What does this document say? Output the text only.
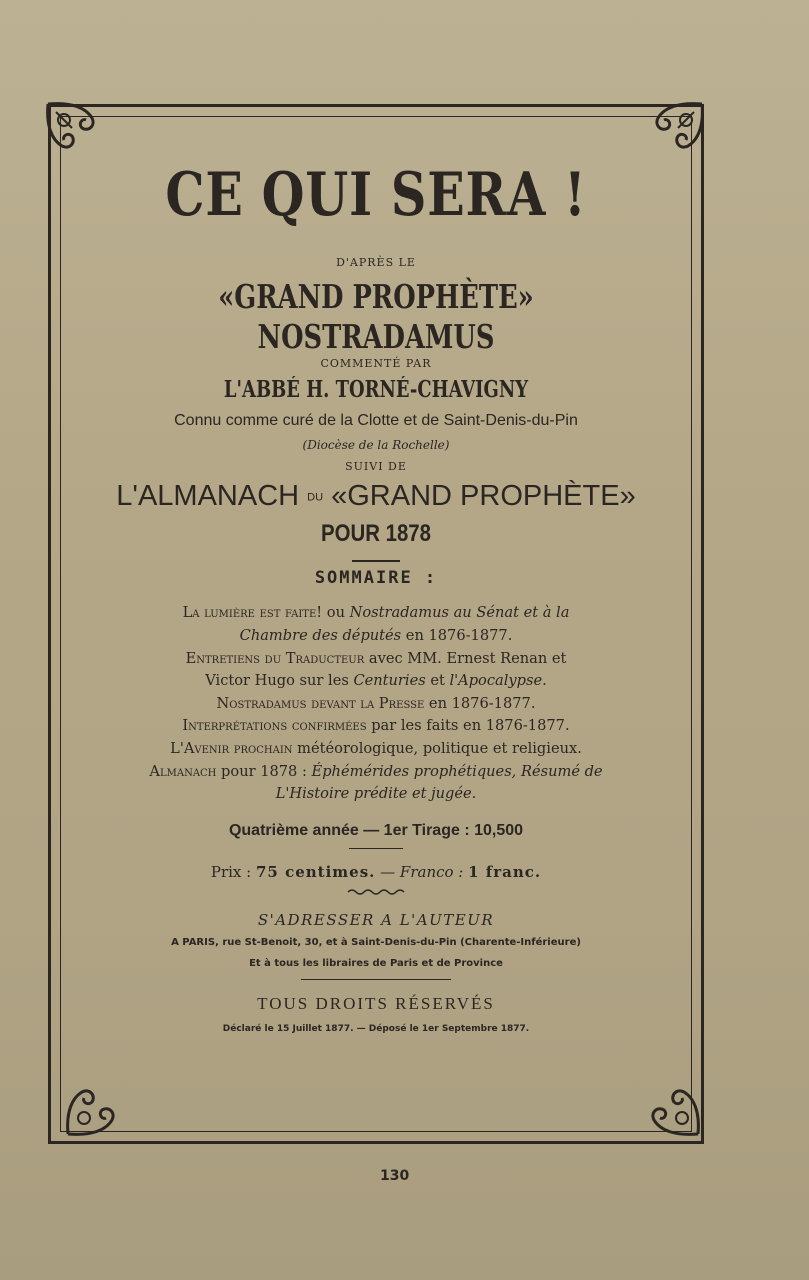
CE QUI SERA !
D'APRÈS LE
«GRAND PROPHÈTE» NOSTRADAMUS
COMMENTÉ PAR
L'ABBÉ H. TORNÉ-CHAVIGNY
Connu comme curé de la Clotte et de Saint-Denis-du-Pin
(Diocèse de la Rochelle)
SUIVI DE
L'ALMANACH DU «GRAND PROPHÈTE»
POUR 1878
SOMMAIRE :
La lumière est faite! ou Nostradamus au Sénat et à la
Chambre des députés en 1876-1877.
Entretiens du Traducteur avec MM. Ernest Renan et
Victor Hugo sur les Centuries et l'Apocalypse.
Nostradamus devant la Presse en 1876-1877.
Interprétations confirmées par les faits en 1876-1877.
L'Avenir prochain météorologique, politique et religieux.
Almanach pour 1878 : Éphémérides prophétiques, Résumé de
L'Histoire prédite et jugée.
Quatrième année — 1er Tirage : 10,500
Prix : 75 centimes. — Franco : 1 franc.
S'ADRESSER A L'AUTEUR
A PARIS, rue St-Benoit, 30, et à Saint-Denis-du-Pin (Charente-Inférieure)
Et à tous les libraires de Paris et de Province
TOUS DROITS RÉSERVÉS
Déclaré le 15 Juillet 1877. — Déposé le 1er Septembre 1877.
130
